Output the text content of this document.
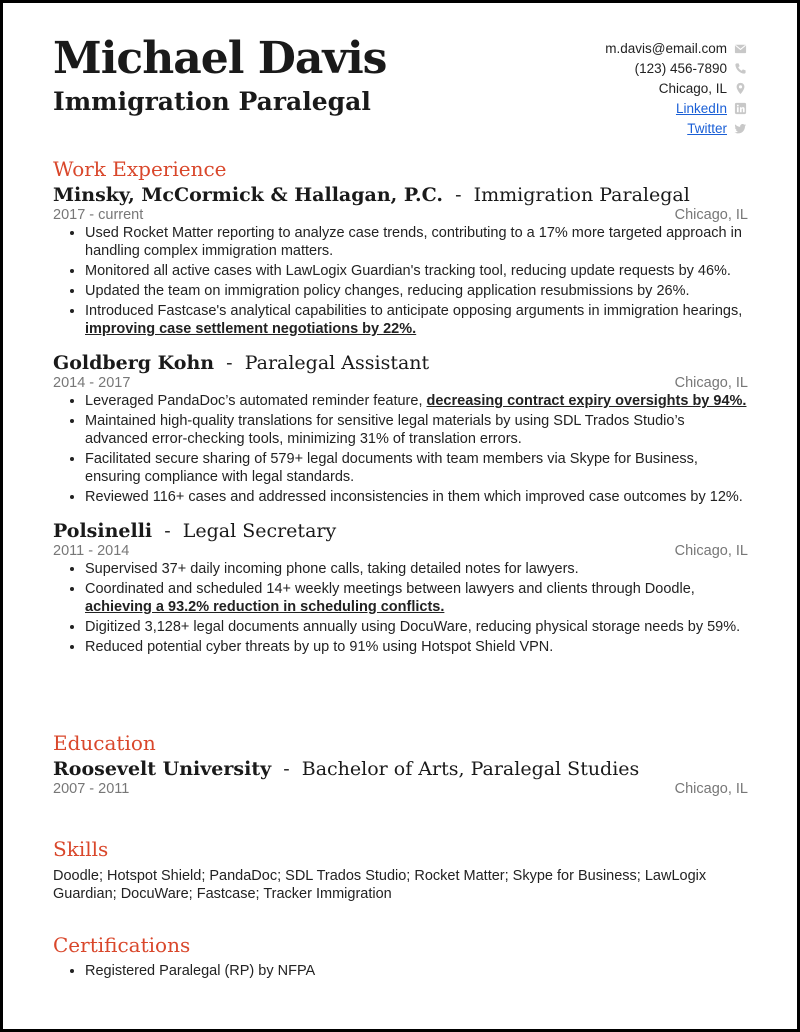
Michael Davis
Immigration Paralegal
m.davis@email.com
(123) 456-7890
Chicago, IL
LinkedIn
Twitter
Work Experience
Minsky, McCormick & Hallagan, P.C.  -  Immigration Paralegal
2017 - current	Chicago, IL
• Used Rocket Matter reporting to analyze case trends, contributing to a 17% more targeted approach in handling complex immigration matters.
• Monitored all active cases with LawLogix Guardian's tracking tool, reducing update requests by 46%.
• Updated the team on immigration policy changes, reducing application resubmissions by 26%.
• Introduced Fastcase's analytical capabilities to anticipate opposing arguments in immigration hearings, improving case settlement negotiations by 22%.
Goldberg Kohn  -  Paralegal Assistant
2014 - 2017	Chicago, IL
• Leveraged PandaDoc’s automated reminder feature, decreasing contract expiry oversights by 94%.
• Maintained high-quality translations for sensitive legal materials by using SDL Trados Studio’s advanced error-checking tools, minimizing 31% of translation errors.
• Facilitated secure sharing of 579+ legal documents with team members via Skype for Business, ensuring compliance with legal standards.
• Reviewed 116+ cases and addressed inconsistencies in them which improved case outcomes by 12%.
Polsinelli  -  Legal Secretary
2011 - 2014	Chicago, IL
• Supervised 37+ daily incoming phone calls, taking detailed notes for lawyers.
• Coordinated and scheduled 14+ weekly meetings between lawyers and clients through Doodle, achieving a 93.2% reduction in scheduling conflicts.
• Digitized 3,128+ legal documents annually using DocuWare, reducing physical storage needs by 59%.
• Reduced potential cyber threats by up to 91% using Hotspot Shield VPN.
Education
Roosevelt University  -  Bachelor of Arts, Paralegal Studies
2007 - 2011	Chicago, IL
Skills
Doodle; Hotspot Shield; PandaDoc; SDL Trados Studio; Rocket Matter; Skype for Business; LawLogix Guardian; DocuWare; Fastcase; Tracker Immigration
Certifications
• Registered Paralegal (RP) by NFPA
